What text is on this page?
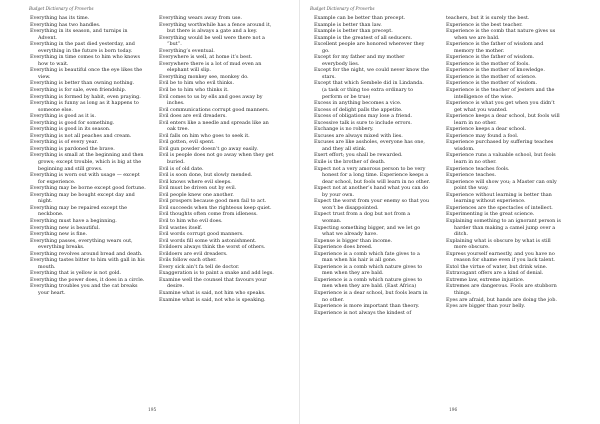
Budget Dictionary of Proverbs
Everything has its time.
Everything has two handles.
Everything in its season, and turnips in Advent.
Everything in the past died yesterday, and everything in the future is born today.
Everything in time comes to him who knows how to wait.
Everything is beautiful once the eye likes the view.
Everything is better than owning nothing.
Everything is for sale, even friendship.
Everything is formed by habit, even praying.
Everything is funny as long as it happens to someone else.
Everything is good as it is.
Everything is good for something.
Everything is good in its season.
Everything is not all peaches and cream.
Everything is of every year.
Everything is pardoned the brave.
Everything is small at the beginning and then grows; except trouble, which is big at the beginning and still grows.
Everything is worn out with usage — except for experience.
Everything may be borne except good fortune.
Everything may be bought except day and night.
Everything may be repaired except the neckbone.
Everything must have a beginning.
Everything new is beautiful.
Everything new is fine.
Everything passes, everything wears out, everything breaks.
Everything revolves around bread and death.
Everything tastes bitter to him with gall in his mouth.
Everything that is yellow is not gold.
Everything the power does, it does in a circle.
Everything troubles you and the cat breaks your heart.
Everything wears away from use.
Everything worthwhile has a fence around it, but there is always a gate and a key.
Everything would be well were there not a “but”.
Everything’s eventual.
Everywhere is well, at home it’s best.
Everywhere there is a lot of mud even an elephant will slip.
Everything monkey see, monkey do.
Evil be to him who evil thinks.
Evil be to him who thinks it.
Evil comes to us by ells and goes away by inches.
Evil communications corrupt good manners.
Evil does are evil dreaders.
Evil enters like a needle and spreads like an oak tree.
Evil falls on him who goes to seek it.
Evil gotten, evil spent.
Evil gun powder doesn’t go away easily.
Evil is people does not go away when they get buried.
Evil is of old date.
Evil is soon done, but slowly mended.
Evil knows where evil sleeps.
Evil must be driven out by evil.
Evil people knew one another.
Evil prospers because good men fail to act.
Evil succeeds when the righteous keep quiet.
Evil thoughts often come from idleness.
Evil to him who evil does.
Evil wastes itself.
Evil words corrupt good manners.
Evil words fill some with astonishment.
Evildoers always think the worst of others.
Evildoers are evil dreaders.
Evils follow each other.
Every sick ain’t fa tell de doctor.
Exaggeration is to paint a snake and add legs.
Examine well the counsel that favours your desire.
Examine what is said, not him who speaks.
Examine what is said, not who is speaking.
195
Budget Dictionary of Proverbs
Example can be better than precept.
Example is better than law.
Example is better than precept.
Example is the greatest of all seducers.
Excellent people are honored wherever they go.
Except for my father and my mother everybody lies.
Except for the night, we could never know the stars.
Except that which Sembele did in Lindanda. (a task or thing too extra ordinary to perform or be true)
Excess in anything becomes a vice.
Excess of delight palls the appetite.
Excess of obligations may lose a friend.
Excessive talk is sure to include errors.
Exchange is no robbery.
Excuses are always mixed with lies.
Excuses are like assholes, everyone has one, and they all stink.
Exert effort; you shall be rewarded.
Exile is the brother of death.
Expect not a very amorous person to be very honest for a long time. Experience keeps a dear school, but fools will learn in no other.
Expect not at another’s hand what you can do by your own.
Expect the worst from your enemy so that you won’t be disappointed.
Expect trust from a dog but not from a woman.
Expecting something bigger, and we let go what we already have.
Expense is bigger than income.
Experience does breed.
Experience is a comb which fate gives to a man when his hair is all gone.
Experience is a comb which nature gives to men when they are bald.
Experience is a comb which nature gives to men when they are bald. (East Africa)
Experience is a dear school, but fools learn in no other.
Experience is more important than theory.
Experience is not always the kindest of
teachers, but it is surely the best.
Experience is the best teacher.
Experience is the comb that nature gives us when we are bald.
Experience is the father of wisdom and memory the mother.
Experience is the father of wisdom.
Experience is the mother of fools.
Experience is the mother of knowledge.
Experience is the mother of science.
Experience is the mother of wisdom.
Experience is the teacher of jesters and the intelligence of the wise.
Experience is what you get when you didn’t get what you wanted.
Experience keeps a dear school, but fools will learn in no other.
Experience keeps a dear school.
Experience may found a fool.
Experience purchased by suffering teaches wisdom.
Experience runs a valuable school, but fools learn in no other.
Experience teaches fools.
Experience teaches.
Experience will show you; a Master can only point the way.
Experience without learning is better than learning without experience.
Experiences are the spectacles of intellect.
Experimenting is the great science.
Explaining something to an ignorant person is harder than making a camel jump over a ditch.
Explaining what is obscure by what is still more obscure.
Express yourself earnestly, and you have no reason for shame even if you lack talent.
Extol the virtue of water, but drink wine.
Extravagant offers are a kind of denial.
Extreme law, extreme injustice.
Extremes are dangerous. Fools are stubborn things.
Eyes are afraid, but hands are doing the job.
Eyes are bigger than your belly.
196
